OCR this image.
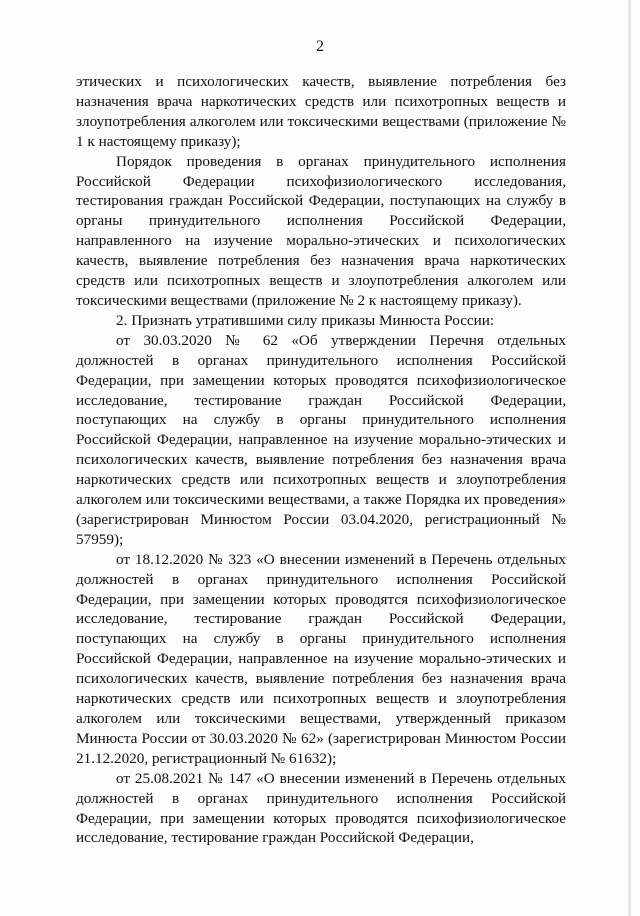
2

этических и психологических качеств, выявление потребления без назначения врача наркотических средств или психотропных веществ и злоупотребления алкоголем или токсическими веществами (приложение № 1 к настоящему приказу);

Порядок проведения в органах принудительного исполнения Российской Федерации психофизиологического исследования, тестирования граждан Российской Федерации, поступающих на службу в органы принудительного исполнения Российской Федерации, направленного на изучение морально-этических и психологических качеств, выявление потребления без назначения врача наркотических средств или психотропных веществ и злоупотребления алкоголем или токсическими веществами (приложение № 2 к настоящему приказу).

2. Признать утратившими силу приказы Минюста России:

от 30.03.2020 № 62 «Об утверждении Перечня отдельных должностей в органах принудительного исполнения Российской Федерации, при замещении которых проводятся психофизиологическое исследование, тестирование граждан Российской Федерации, поступающих на службу в органы принудительного исполнения Российской Федерации, направленное на изучение морально-этических и психологических качеств, выявление потребления без назначения врача наркотических средств или психотропных веществ и злоупотребления алкоголем или токсическими веществами, а также Порядка их проведения» (зарегистрирован Минюстом России 03.04.2020, регистрационный № 57959);

от 18.12.2020 № 323 «О внесении изменений в Перечень отдельных должностей в органах принудительного исполнения Российской Федерации, при замещении которых проводятся психофизиологическое исследование, тестирование граждан Российской Федерации, поступающих на службу в органы принудительного исполнения Российской Федерации, направленное на изучение морально-этических и психологических качеств, выявление потребления без назначения врача наркотических средств или психотропных веществ и злоупотребления алкоголем или токсическими веществами, утвержденный приказом Минюста России от 30.03.2020 № 62» (зарегистрирован Минюстом России 21.12.2020, регистрационный № 61632);

от 25.08.2021 № 147 «О внесении изменений в Перечень отдельных должностей в органах принудительного исполнения Российской Федерации, при замещении которых проводятся психофизиологическое исследование, тестирование граждан Российской Федерации,
